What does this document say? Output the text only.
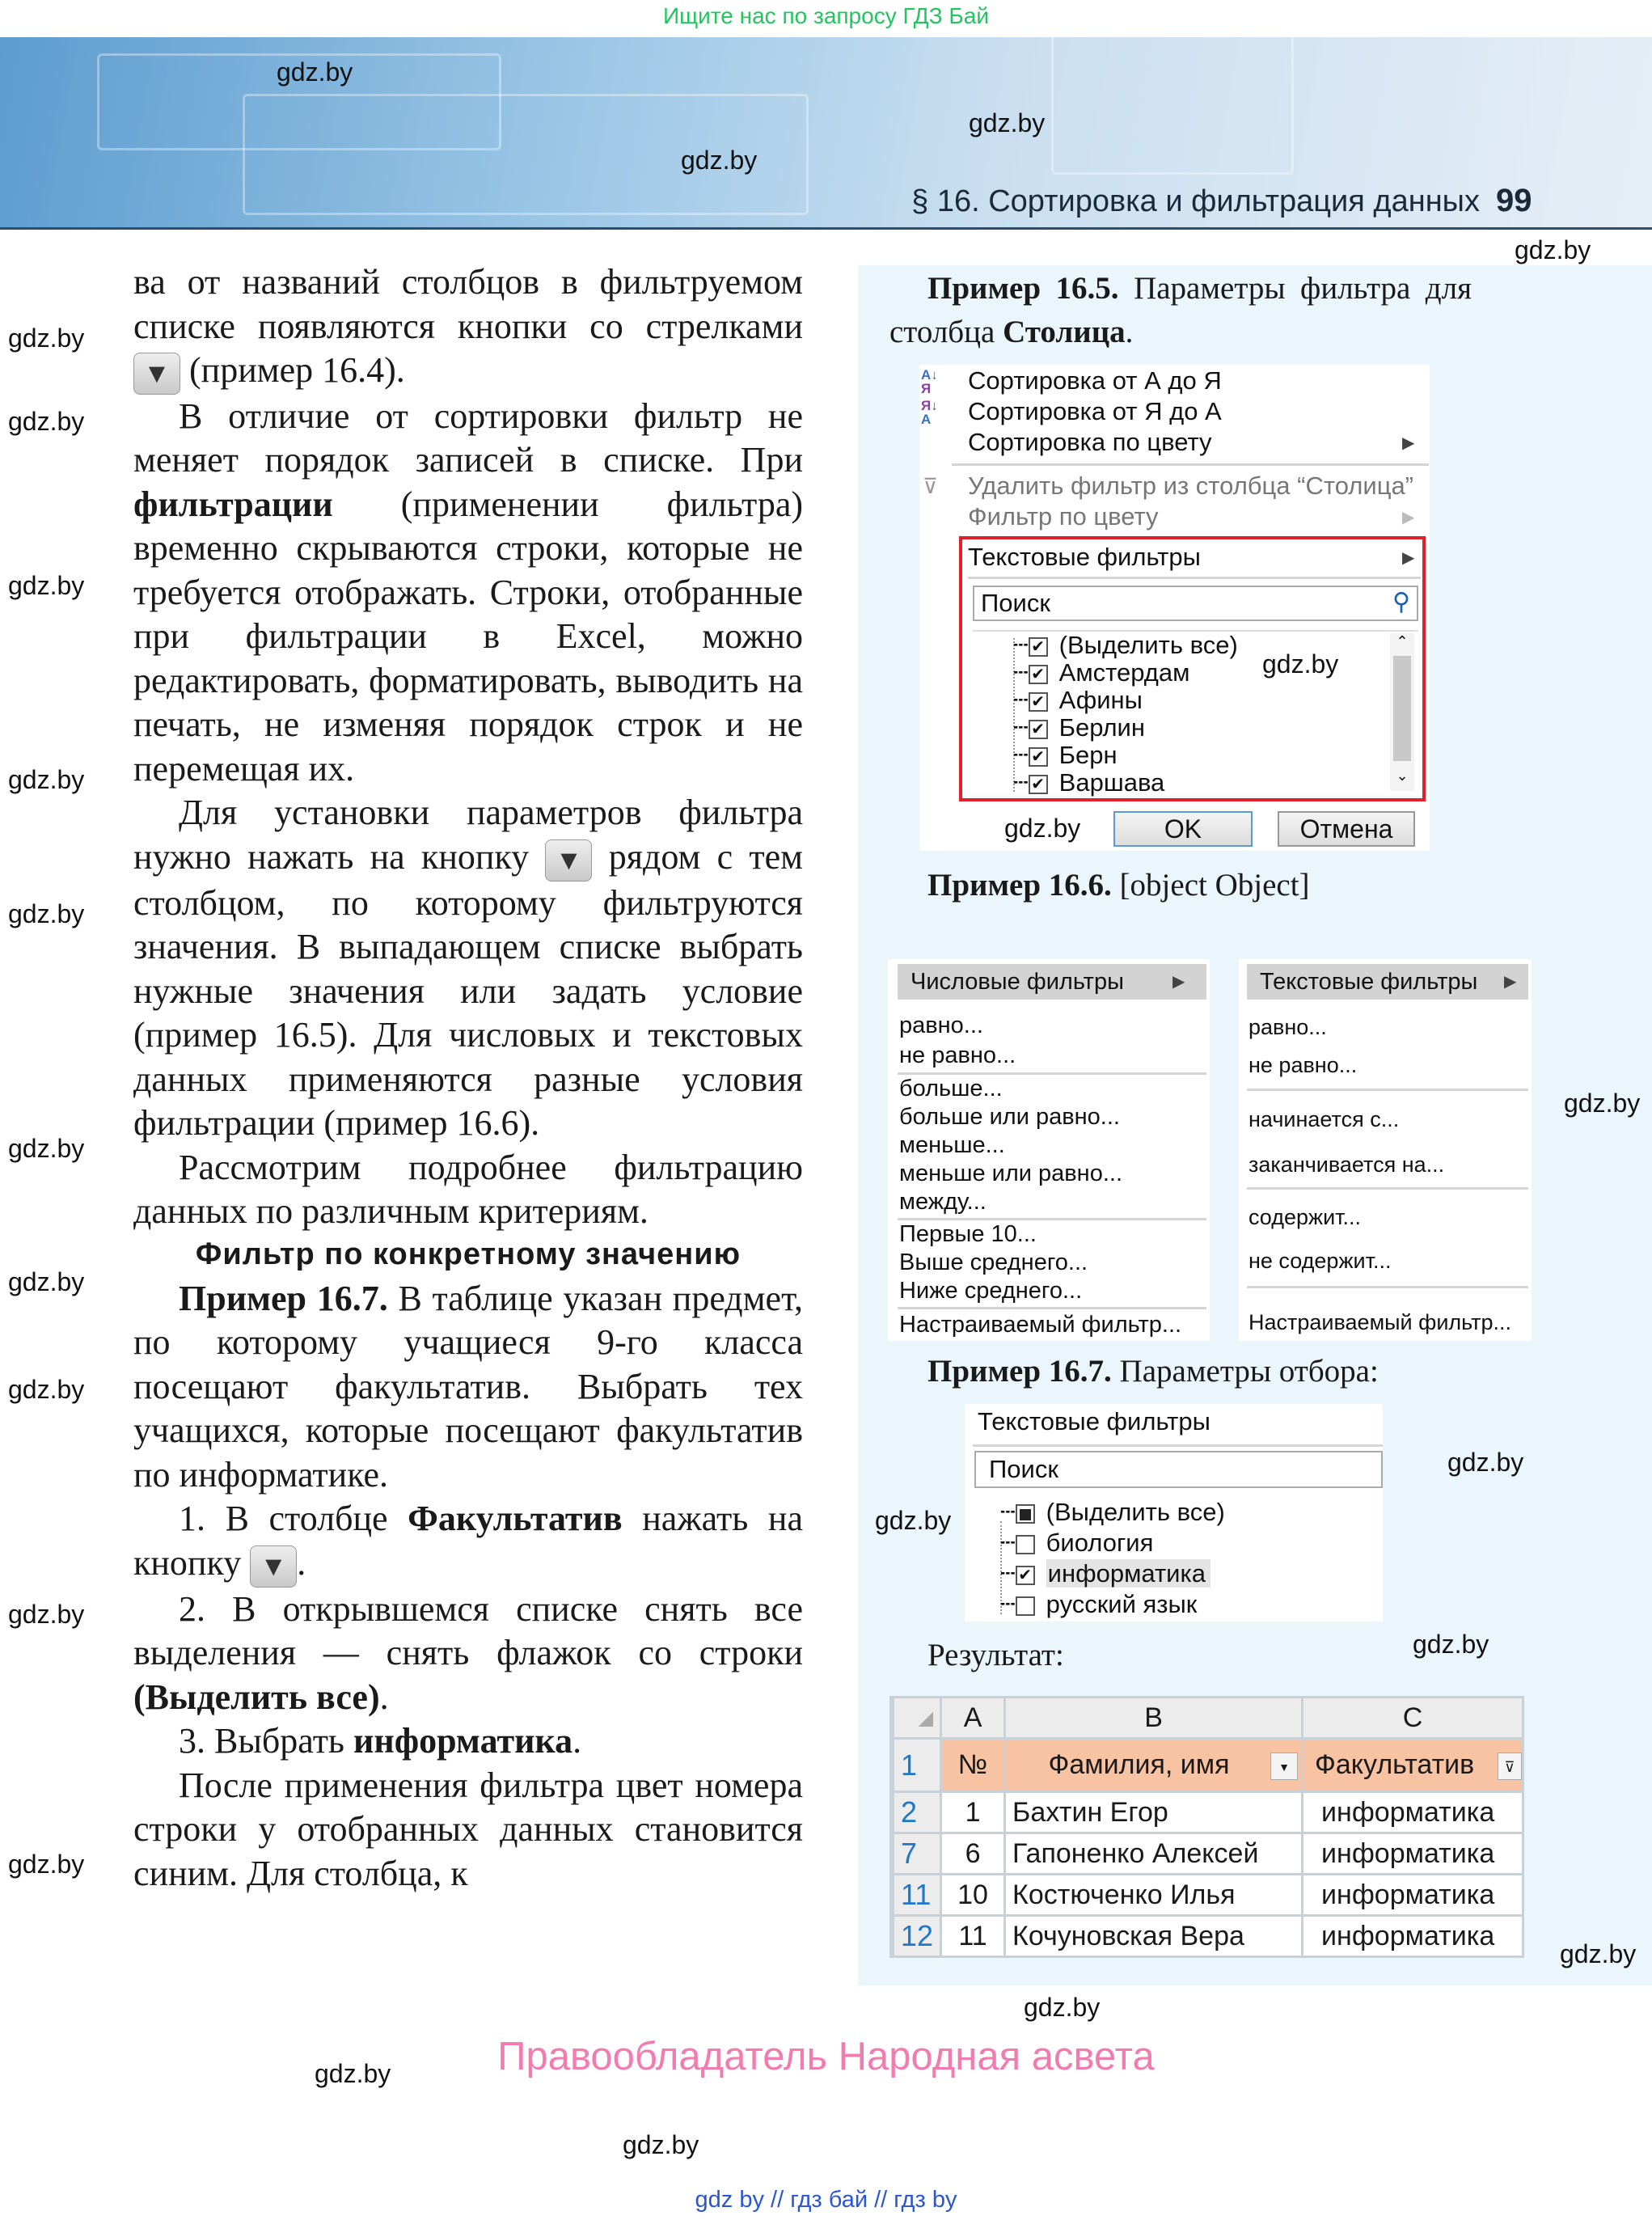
Ищите нас по запросу ГДЗ Бай
§ 16. Сортировка и фильтрация данных 99

ва от названий столбцов в фильтруемом списке появляются кнопки со стрелками ▼ (пример 16.4).

В отличие от сортировки фильтр не меняет порядок записей в списке. При фильтрации (применении фильтра) временно скрываются строки, которые не требуется отображать. Строки, отобранные при фильтрации в Excel, можно редактировать, форматировать, выводить на печать, не изменяя порядок строк и не перемещая их.

Для установки параметров фильтра нужно нажать на кнопку ▼ рядом с тем столбцом, по которому фильтруются значения. В выпадающем списке выбрать нужные значения или задать условие (пример 16.5). Для числовых и текстовых данных применяются разные условия фильтрации (пример 16.6).

Рассмотрим подробнее фильтрацию данных по различным критериям.

Фильтр по конкретному значению

Пример 16.7. В таблице указан предмет, по которому учащиеся 9-го класса посещают факультатив. Выбрать тех учащихся, которые посещают факультатив по информатике.

1. В столбце Факультатив нажать на кнопку ▼ .

2. В открывшемся списке снять все выделения — снять флажок со строки (Выделить все).

3. Выбрать информатика.

После применения фильтра цвет номера строки у отобранных данных становится синим. Для столбца, к

Пример 16.5. Параметры фильтра для столбца Столица.
А↓
Я
Я↓
А
Сортировка от А до Я
Сортировка от Я до А
Сортировка по цвету	▶
⊽ Удалить фильтр из столбца “Столица”
Фильтр по цвету	▶
Текстовые фильтры	▶
Поиск	⚲
┄ ✔ (Выделить все)
┄ ✔ Амстердам
┄ ✔ Афины
┄ ✔ Берлин
┄ ✔ Берн
┄ ✔ Варшава
⌃
⌄
OK	Отмена
Пример 16.6. [object Object]
Числовые фильтры	▶
равно...
не равно...
больше...
больше или равно...
меньше...
меньше или равно...
между...
Первые 10...
Выше среднего...
Ниже среднего...
Настраиваемый фильтр...
Текстовые фильтры ▶
равно...
не равно...
начинается с...
заканчивается на...
содержит...
не содержит...
Настраиваемый фильтр...
Пример 16.7. Параметры отбора:
Текстовые фильтры
Поиск
┄ (Выделить все)
┄ биология
┄ ✔ информатика
┄ русский язык
Результат:
◢	A	B	C
1	№	Фамилия, имя ▼	Факультатив ⊽

2	1	Бахтин Егор	информатика
7	6	Гапоненко Алексей	информатика
11	10	Костюченко Илья	информатика
12	11	Кочуновская Вера	информатика
Правообладатель Народная асвета
gdz by // гдз бай // гдз by
gdz.by
gdz.by
gdz.by
gdz.by
gdz.by
gdz.by
gdz.by
gdz.by
gdz.by
gdz.by
gdz.by
gdz.by
gdz.by
gdz.by
gdz.by
gdz.by
gdz.by
gdz.by
gdz.by
gdz.by
gdz.by
gdz.by
gdz.by
gdz.by
